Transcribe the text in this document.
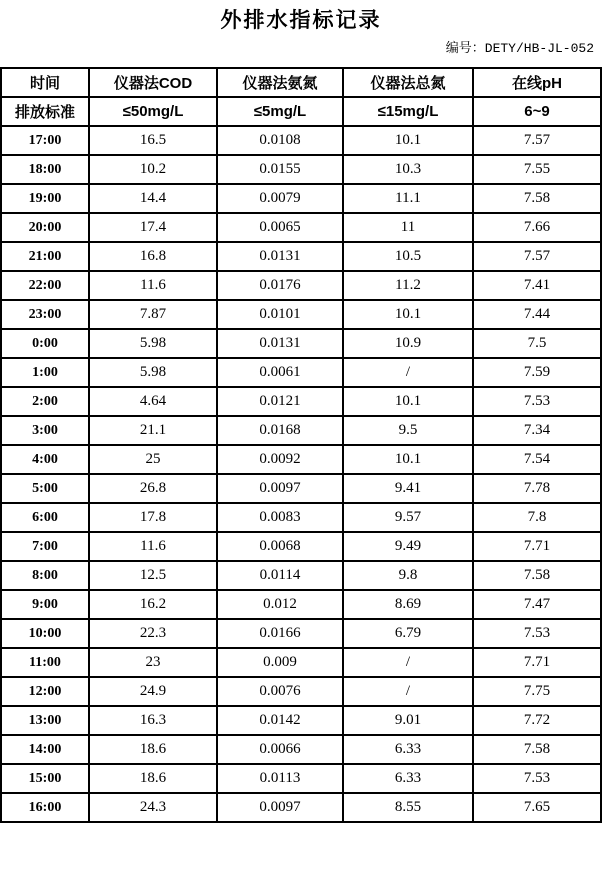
外排水指标记录
编号：DETY/HB-JL-052
时间	仪器法COD	仪器法氨氮	仪器法总氮	在线pH
排放标准	≤50mg/L	≤5mg/L	≤15mg/L	6~9
17:00	16.5	0.0108	10.1	7.57
18:00	10.2	0.0155	10.3	7.55
19:00	14.4	0.0079	11.1	7.58
20:00	17.4	0.0065	11	7.66
21:00	16.8	0.0131	10.5	7.57
22:00	11.6	0.0176	11.2	7.41
23:00	7.87	0.0101	10.1	7.44
0:00	5.98	0.0131	10.9	7.5
1:00	5.98	0.0061	/	7.59
2:00	4.64	0.0121	10.1	7.53
3:00	21.1	0.0168	9.5	7.34
4:00	25	0.0092	10.1	7.54
5:00	26.8	0.0097	9.41	7.78
6:00	17.8	0.0083	9.57	7.8
7:00	11.6	0.0068	9.49	7.71
8:00	12.5	0.0114	9.8	7.58
9:00	16.2	0.012	8.69	7.47
10:00	22.3	0.0166	6.79	7.53
11:00	23	0.009	/	7.71
12:00	24.9	0.0076	/	7.75
13:00	16.3	0.0142	9.01	7.72
14:00	18.6	0.0066	6.33	7.58
15:00	18.6	0.0113	6.33	7.53
16:00	24.3	0.0097	8.55	7.65
